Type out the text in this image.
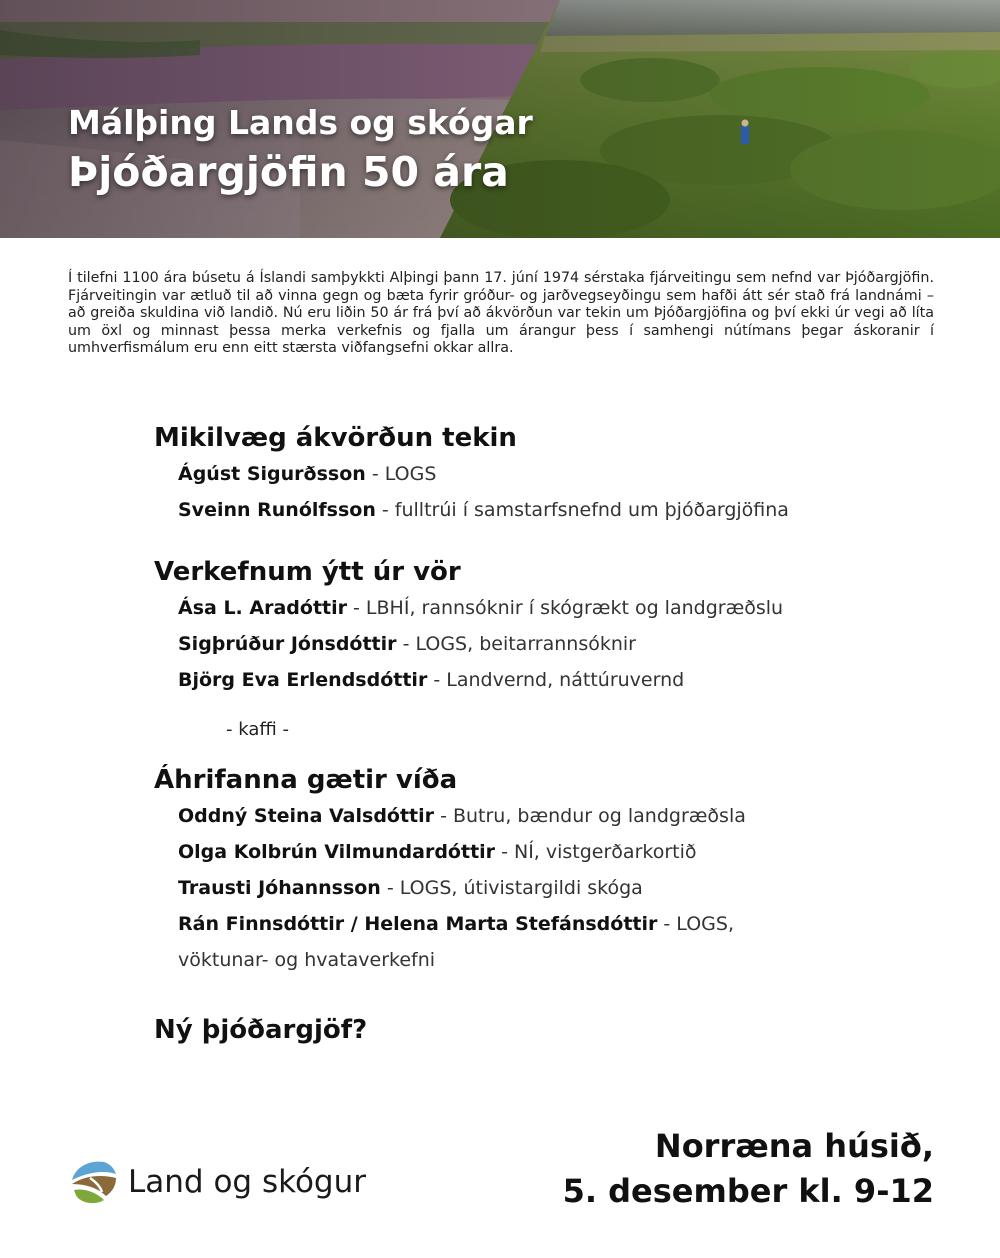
Málþing Lands og skógar
Þjóðargjöfin 50 ára

Í tilefni 1100 ára búsetu á Íslandi samþykkti Alþingi þann 17. júní 1974 sérstaka fjárveitingu sem nefnd var Þjóðargjöfin. Fjárveitingin var ætluð til að vinna gegn og bæta fyrir gróður- og jarðvegseyðingu sem hafði átt sér stað frá landnámi – að greiða skuldina við landið. Nú eru liðin 50 ár frá því að ákvörðun var tekin um Þjóðargjöfina og því ekki úr vegi að líta um öxl og minnast þessa merka verkefnis og fjalla um árangur þess í samhengi nútímans þegar áskoranir í umhverfismálum eru enn eitt stærsta viðfangsefni okkar allra.

Mikilvæg ákvörðun tekin
Ágúst Sigurðsson - LOGS
Sveinn Runólfsson - fulltrúi í samstarfsnefnd um þjóðargjöfina
Verkefnum ýtt úr vör
Ása L. Aradóttir - LBHÍ, rannsóknir í skógrækt og landgræðslu
Sigþrúður Jónsdóttir - LOGS, beitarrannsóknir
Björg Eva Erlendsdóttir - Landvernd, náttúruvernd
- kaffi -
Áhrifanna gætir víða
Oddný Steina Valsdóttir - Butru, bændur og landgræðsla
Olga Kolbrún Vilmundardóttir - NÍ, vistgerðarkortið
Trausti Jóhannsson - LOGS, útivistargildi skóga
Rán Finnsdóttir / Helena Marta Stefánsdóttir - LOGS,
vöktunar- og hvataverkefni
Ný þjóðargjöf?
Land og skógur
Norræna húsið,
5. desember kl. 9-12
